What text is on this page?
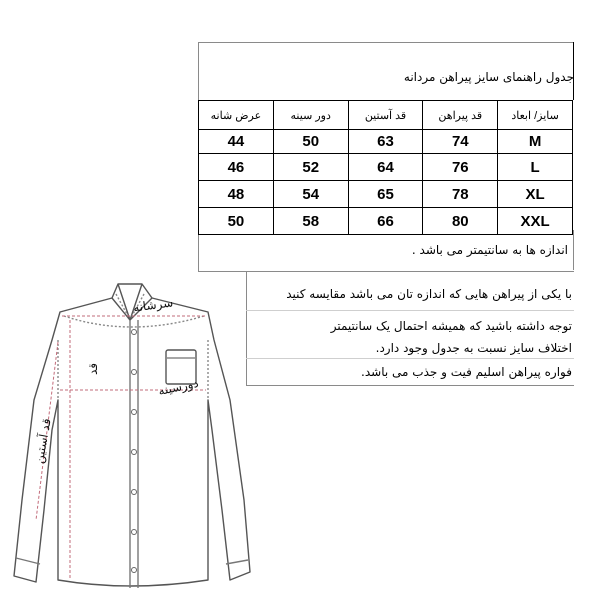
جدول راهنمای سایز پیراهن مردانه
سایز/ ابعاد	قد پیراهن	قد آستین	دور سینه	عرض شانه
M	74	63	50	44
L	76	64	52	46
XL	78	65	54	48
XXL	80	66	58	50
اندازه ها به سانتیمتر می باشد .
با یکی از پیراهن هایی که اندازه تان می باشد مقایسه کنید
توجه داشته باشید که همیشه احتمال یک سانتیمتر
اختلاف سایز نسبت به جدول وجود دارد.
فواره پیراهن اسلیم فیت و جذب می باشد.
سرشانه
قد
دورسینه
قد آستین
